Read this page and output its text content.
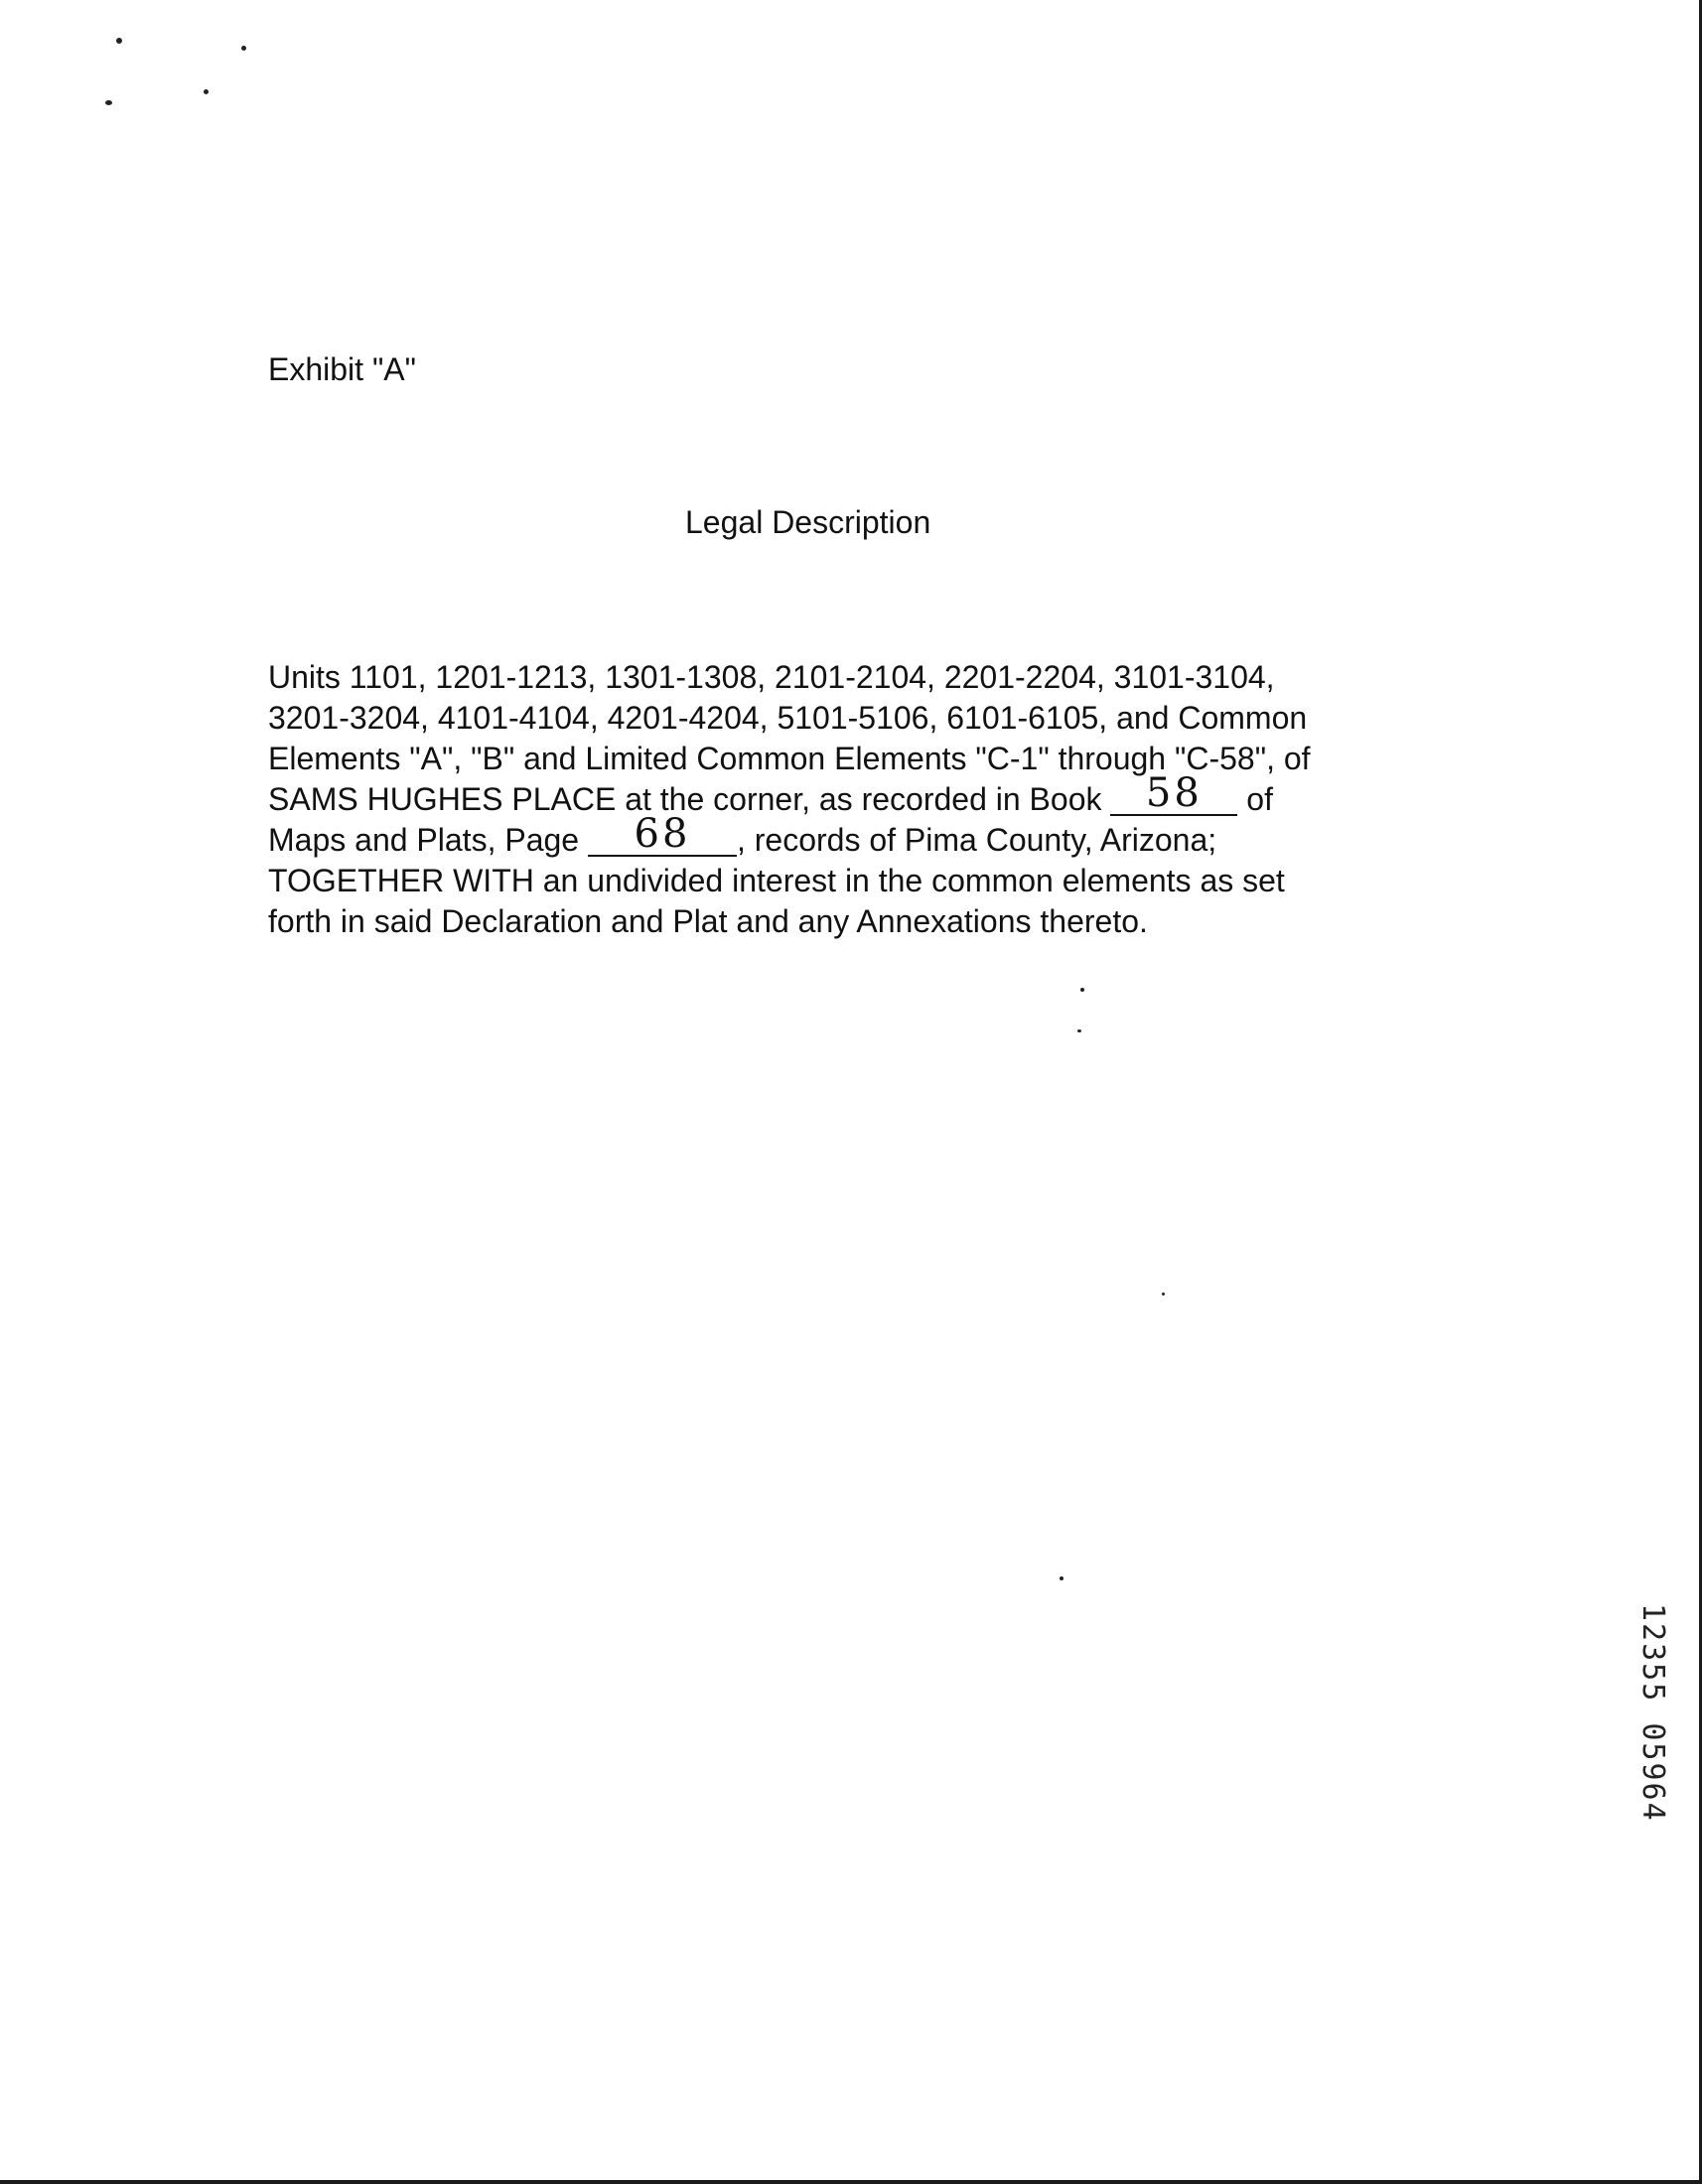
Exhibit "A"
Legal Description
Units 1101, 1201-1213, 1301-1308, 2101-2104, 2201-2204, 3101-3104,
3201-3204, 4101-4104, 4201-4204, 5101-5106, 6101-6105, and Common
Elements "A", "B" and Limited Common Elements "C-1" through "C-58", of
SAMS HUGHES PLACE at the corner, as recorded in Book 58 of
Maps and Plats, Page 68 , records of Pima County, Arizona;
TOGETHER WITH an undivided interest in the common elements as set
forth in said Declaration and Plat and any Annexations thereto.
12355 05964
